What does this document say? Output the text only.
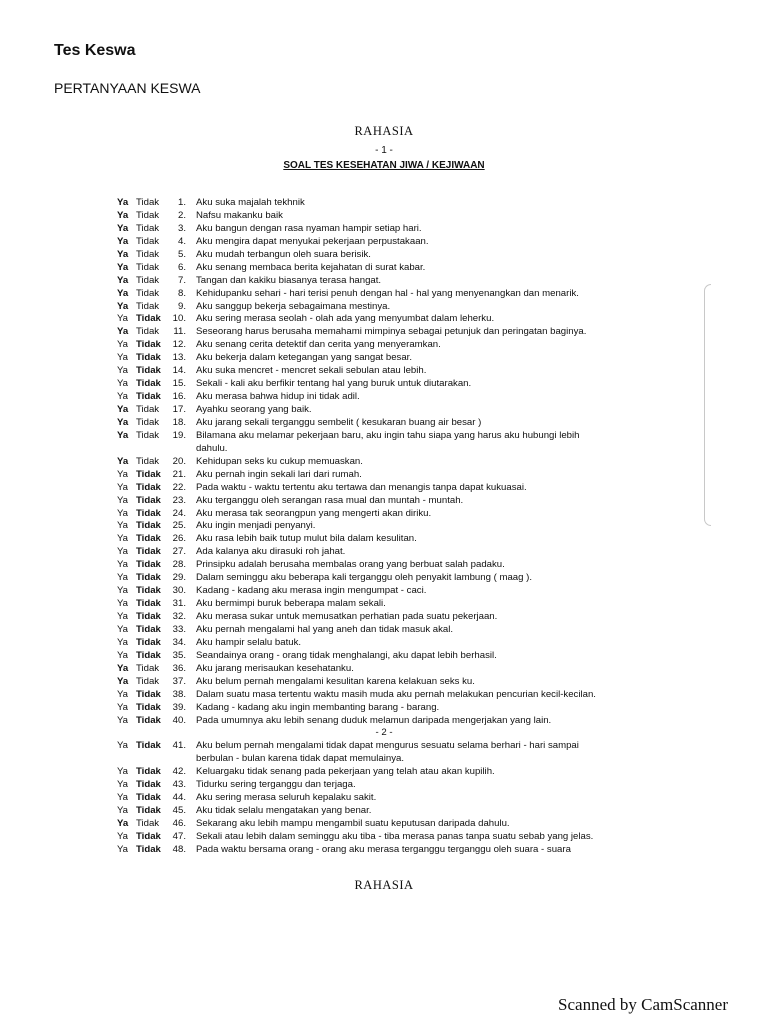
Tes Keswa
PERTANYAAN KESWA
RAHASIA
- 1 -
SOAL TES KESEHATAN JIWA / KEJIWAAN
Ya Tidak	1. Aku suka majalah tekhnik
Ya Tidak	2. Nafsu makanku baik
Ya Tidak	3. Aku bangun dengan rasa nyaman hampir setiap hari.
Ya Tidak	4. Aku mengira dapat menyukai pekerjaan perpustakaan.
Ya Tidak	5. Aku mudah terbangun oleh suara berisik.
Ya Tidak	6. Aku senang membaca berita kejahatan di surat kabar.
Ya Tidak	7. Tangan dan kakiku biasanya terasa hangat.
Ya Tidak	8. Kehidupanku sehari - hari terisi penuh dengan hal - hal yang menyenangkan dan menarik.
Ya Tidak	9. Aku sanggup bekerja sebagaimana mestinya.
Ya Tidak	10. Aku sering merasa seolah - olah ada yang menyumbat dalam leherku.
Ya Tidak	11. Seseorang harus berusaha memahami mimpinya sebagai petunjuk dan peringatan baginya.
Ya Tidak	12. Aku senang cerita detektif dan cerita yang menyeramkan.
Ya Tidak	13. Aku bekerja dalam ketegangan yang sangat besar.
Ya Tidak	14. Aku suka mencret - mencret sekali sebulan atau lebih.
Ya Tidak	15. Sekali - kali aku berfikir tentang hal yang buruk untuk diutarakan.
Ya Tidak	16. Aku merasa bahwa hidup ini tidak adil.
Ya Tidak	17. Ayahku seorang yang baik.
Ya Tidak	18. Aku jarang sekali terganggu sembelit ( kesukaran buang air besar )
Ya Tidak	19. Bilamana aku melamar pekerjaan baru, aku ingin tahu siapa yang harus aku hubungi lebih
dahulu.
Ya Tidak	20. Kehidupan seks ku cukup memuaskan.
Ya Tidak	21. Aku pernah ingin sekali lari dari rumah.
Ya Tidak	22. Pada waktu - waktu tertentu aku tertawa dan menangis tanpa dapat kukuasai.
Ya Tidak	23. Aku terganggu oleh serangan rasa mual dan muntah - muntah.
Ya Tidak	24. Aku merasa tak seorangpun yang mengerti akan diriku.
Ya Tidak	25. Aku ingin menjadi penyanyi.
Ya Tidak	26. Aku rasa lebih baik tutup mulut bila dalam kesulitan.
Ya Tidak	27. Ada kalanya aku dirasuki roh jahat.
Ya Tidak	28. Prinsipku adalah berusaha membalas orang yang berbuat salah padaku.
Ya Tidak	29. Dalam seminggu aku beberapa kali terganggu oleh penyakit lambung ( maag ).
Ya Tidak	30. Kadang - kadang aku merasa ingin mengumpat - caci.
Ya Tidak	31. Aku bermimpi buruk beberapa malam sekali.
Ya Tidak	32. Aku merasa sukar untuk memusatkan perhatian pada suatu pekerjaan.
Ya Tidak	33. Aku pernah mengalami hal yang aneh dan tidak masuk akal.
Ya Tidak	34. Aku hampir selalu batuk.
Ya Tidak	35. Seandainya orang - orang tidak menghalangi, aku dapat lebih berhasil.
Ya Tidak	36. Aku jarang merisaukan kesehatanku.
Ya Tidak	37. Aku belum pernah mengalami kesulitan karena kelakuan seks ku.
Ya Tidak	38. Dalam suatu masa tertentu waktu masih muda aku pernah melakukan pencurian kecil-kecilan.
Ya Tidak	39. Kadang - kadang aku ingin membanting barang - barang.
Ya Tidak	40. Pada umumnya aku lebih senang duduk melamun daripada mengerjakan yang lain.
- 2 -
Ya Tidak	41. Aku belum pernah mengalami tidak dapat mengurus sesuatu selama berhari - hari sampai
berbulan - bulan karena tidak dapat memulainya.
Ya Tidak	42. Keluargaku tidak senang pada pekerjaan yang telah atau akan kupilih.
Ya Tidak	43. Tidurku sering terganggu dan terjaga.
Ya Tidak	44. Aku sering merasa seluruh kepalaku sakit.
Ya Tidak	45. Aku tidak selalu mengatakan yang benar.
Ya Tidak	46. Sekarang aku lebih mampu mengambil suatu keputusan daripada dahulu.
Ya Tidak	47. Sekali atau lebih dalam seminggu aku tiba - tiba merasa panas tanpa suatu sebab yang jelas.
Ya Tidak	48. Pada waktu bersama orang - orang aku merasa terganggu terganggu oleh suara - suara
RAHASIA
Scanned by CamScanner
